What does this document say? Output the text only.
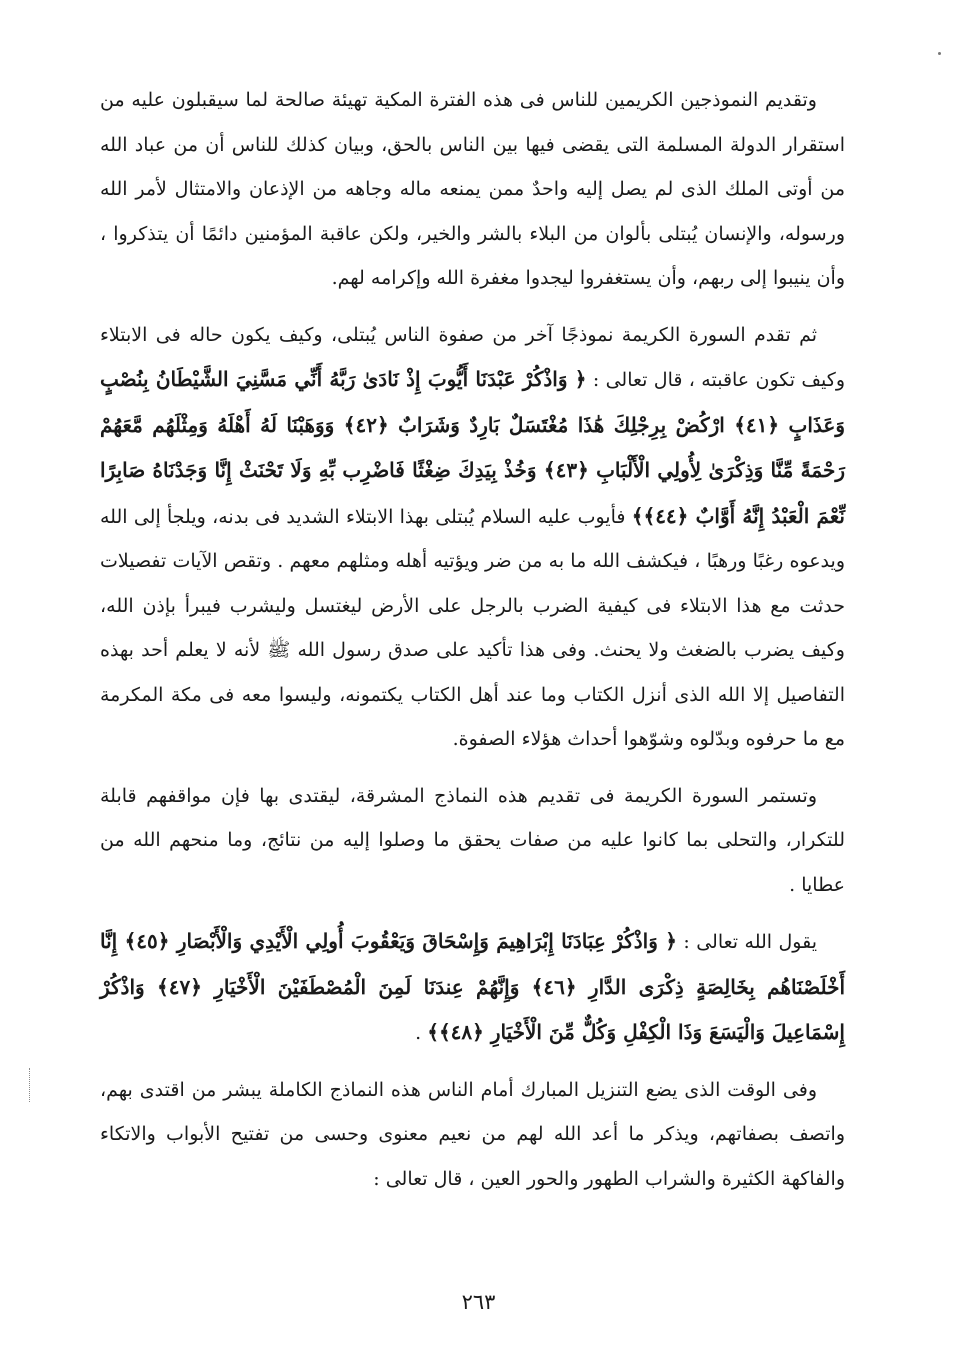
وتقديم النموذجين الكريمين للناس فى هذه الفترة المكية تهيئة صالحة لما سيقبلون عليه من استقرار الدولة المسلمة التى يقضى فيها بين الناس بالحق، وبيان كذلك للناس أن من عباد الله من أوتى الملك الذى لم يصل إليه واحدٌ ممن يمنعه ماله وجاهه من الإذعان والامتثال لأمر الله ورسوله، والإنسان يُبتلى بألوان من البلاء بالشر والخير، ولكن عاقبة المؤمنين دائمًا أن يتذكروا ، وأن ينيبوا إلى ربهم، وأن يستغفروا ليجدوا مغفرة الله وإكرامه لهم.

ثم تقدم السورة الكريمة نموذجًا آخر من صفوة الناس يُبتلى، وكيف يكون حاله فى الابتلاء وكيف تكون عاقبته ، قال تعالى : ﴿ وَاذْكُرْ عَبْدَنَا أَيُّوبَ إِذْ نَادَىٰ رَبَّهُ أَنِّي مَسَّنِيَ الشَّيْطَانُ بِنُصْبٍ وَعَذَابٍ ﴿٤١﴾ ارْكُضْ بِرِجْلِكَ هَٰذَا مُغْتَسَلٌ بَارِدٌ وَشَرَابٌ ﴿٤٢﴾ وَوَهَبْنَا لَهُ أَهْلَهُ وَمِثْلَهُم مَّعَهُمْ رَحْمَةً مِّنَّا وَذِكْرَىٰ لِأُولِي الْأَلْبَابِ ﴿٤٣﴾ وَخُذْ بِيَدِكَ ضِغْثًا فَاضْرِب بِّهِ وَلَا تَحْنَثْ إِنَّا وَجَدْنَاهُ صَابِرًا نِّعْمَ الْعَبْدُ إِنَّهُ أَوَّابٌ ﴿٤٤﴾﴾ فأيوب عليه السلام يُبتلى بهذا الابتلاء الشديد فى بدنه، ويلجأ إلى الله ويدعوه رغبًا ورهبًا ، فيكشف الله ما به من ضر ويؤتيه أهله ومثلهم معهم . وتقص الآيات تفصيلات حدثت مع هذا الابتلاء فى كيفية الضرب بالرجل على الأرض ليغتسل وليشرب فيبرأ بإذن الله، وكيف يضرب بالضغث ولا يحنث. وفى هذا تأكيد على صدق رسول الله ﷺ لأنه لا يعلم أحد بهذه التفاصيل إلا الله الذى أنزل الكتاب وما عند أهل الكتاب يكتمونه، وليسوا معه فى مكة المكرمة مع ما حرفوه وبدّلوه وشوّهوا أحداث هؤلاء الصفوة.

وتستمر السورة الكريمة فى تقديم هذه النماذج المشرقة، ليقتدى بها فإن مواقفهم قابلة للتكرار، والتحلى بما كانوا عليه من صفات يحقق ما وصلوا إليه من نتائج، وما منحهم الله من عطايا .

يقول الله تعالى : ﴿ وَاذْكُرْ عِبَادَنَا إِبْرَاهِيمَ وَإِسْحَاقَ وَيَعْقُوبَ أُولِي الْأَيْدِي وَالْأَبْصَارِ ﴿٤٥﴾ إِنَّا أَخْلَصْنَاهُم بِخَالِصَةٍ ذِكْرَى الدَّارِ ﴿٤٦﴾ وَإِنَّهُمْ عِندَنَا لَمِنَ الْمُصْطَفَيْنَ الْأَخْيَارِ ﴿٤٧﴾ وَاذْكُرْ إِسْمَاعِيلَ وَالْيَسَعَ وَذَا الْكِفْلِ وَكُلٌّ مِّنَ الْأَخْيَارِ ﴿٤٨﴾﴾ .

وفى الوقت الذى يضع التنزيل المبارك أمام الناس هذه النماذج الكاملة يبشر من اقتدى بهم، واتصف بصفاتهم، ويذكر ما أعد الله لهم من نعيم معنوى وحسى من تفتيح الأبواب والاتكاء والفاكهة الكثيرة والشراب الطهور والحور العين ، قال تعالى :

٢٦٣
